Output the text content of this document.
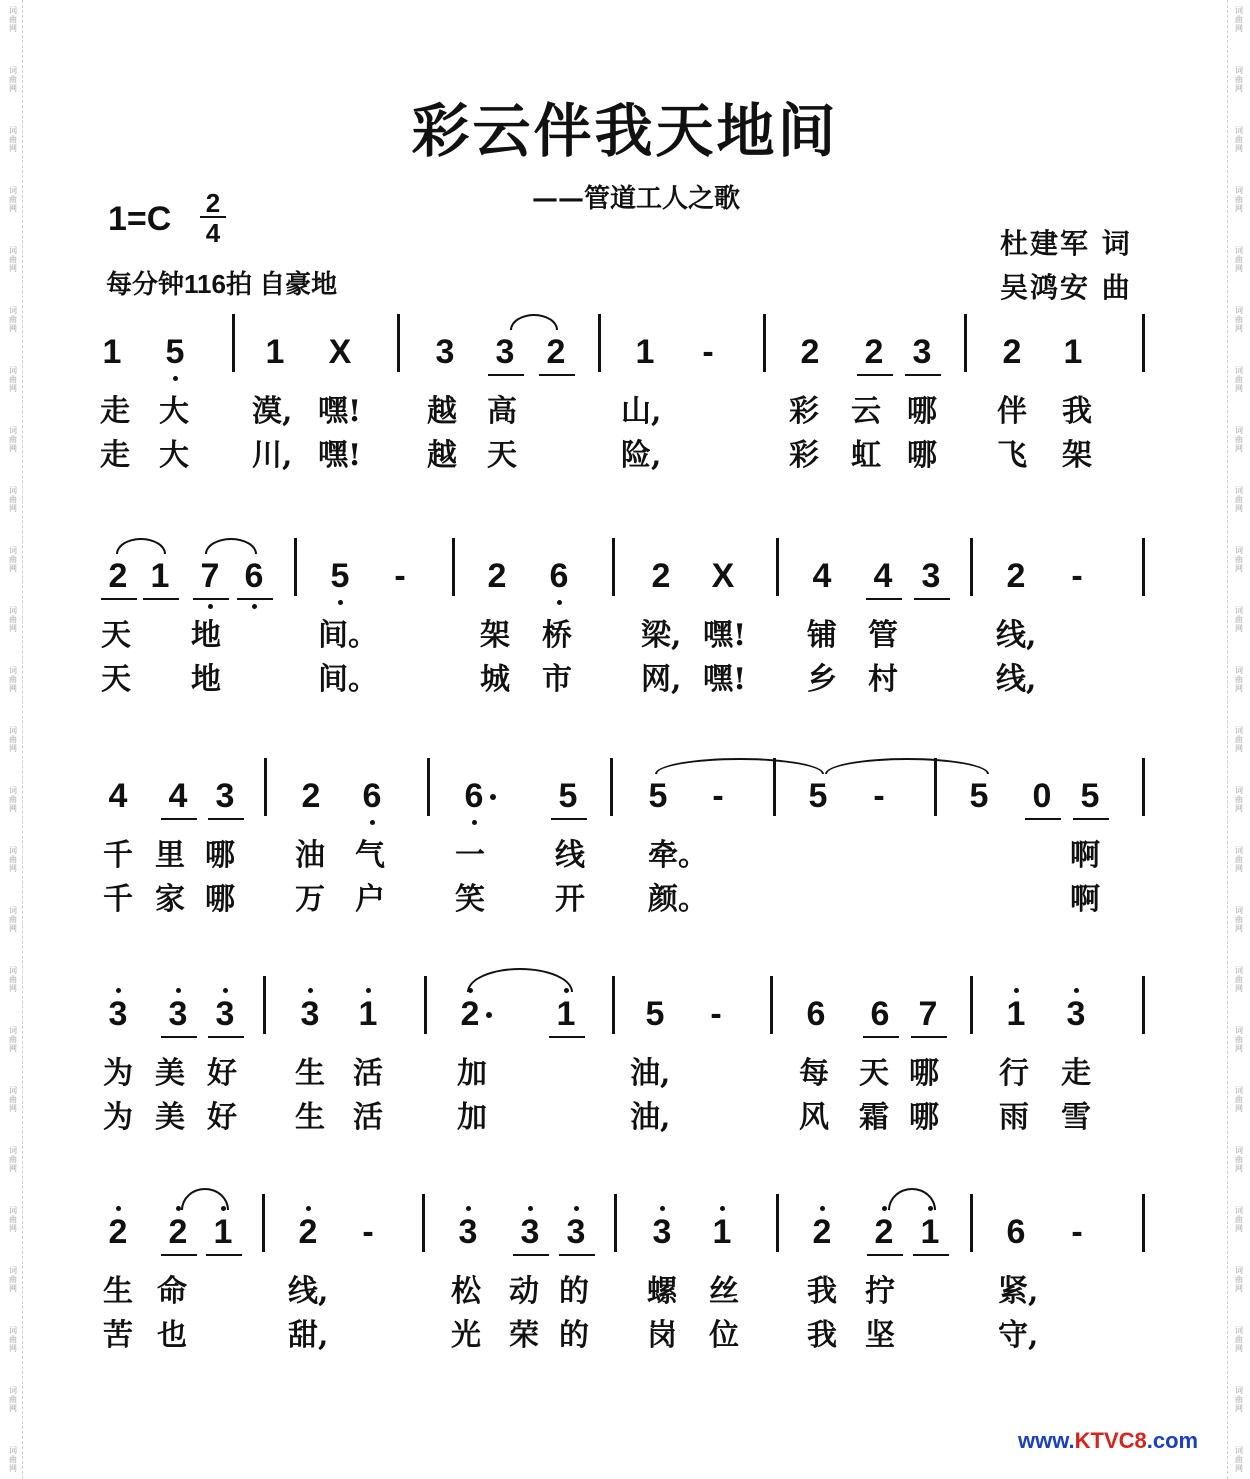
词
曲
网
词
曲
网
词
曲
网
词
曲
网
词
曲
网
词
曲
网
词
曲
网
词
曲
网
词
曲
网
词
曲
网
词
曲
网
词
曲
网
词
曲
网
词
曲
网
词
曲
网
词
曲
网
词
曲
网
词
曲
网
词
曲
网
词
曲
网
词
曲
网
词
曲
网
词
曲
网
词
曲
网
词
曲
网
词
曲
网
词
曲
网
词
曲
网
词
曲
网
词
曲
网
词
曲
网
词
曲
网
词
曲
网
词
曲
网
词
曲
网
词
曲
网
词
曲
网
词
曲
网
词
曲
网
词
曲
网
词
曲
网
词
曲
网
词
曲
网
词
曲
网
词
曲
网
词
曲
网
词
曲
网
词
曲
网
词
曲
网
词
曲
网
彩云伴我天地间
——管道工人之歌
1=C 2
4
每分钟116拍 自豪地
杜建军 词
吴鸿安 曲
1 5 1 X 3 3 2 1 -	2 2 3 2 1
走 大 漠, 嘿! 越 高	山,	彩 云 哪 伴 我
走 大 川, 嘿! 越 天	险,	彩 虹 哪 飞 架
2 1 7 6 5 - 2 6 2 X 4 4 3 2 -
天 地	间。	架 桥 梁, 嘿! 铺 管	线,
天 地	间。	城 市 网, 嘿! 乡 村	线,
4 4 3 2 6 6 5 5 - 5 - 5 0 5
千 里 哪 油 气 一 线 牵。	啊
千 家 哪 万 户 笑 开 颜。	啊
3 3 3 3 1 2 1 5 - 6 6 7 1 3
为 美 好 生 活 加	油,	每 天 哪 行 走
为 美 好 生 活 加	油,	风 霜 哪 雨 雪
2 2 1 2 - 3 3 3 3 1 2 2 1 6 -
生 命	线,	松 动 的 螺 丝 我 拧	紧,
苦 也	甜,	光 荣 的 岗 位 我 坚	守,
www.KTVC8.com
